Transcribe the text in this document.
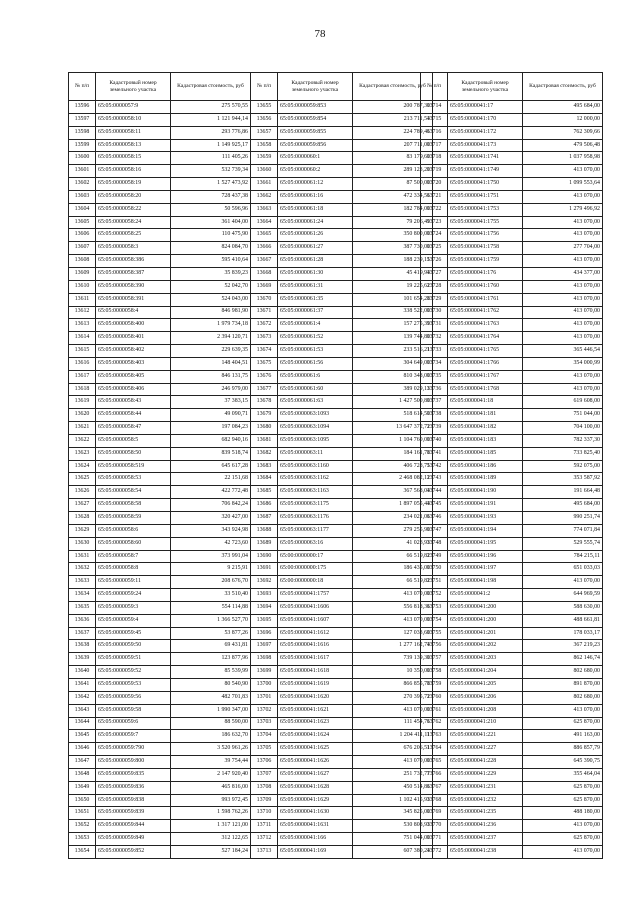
78
№ п/п	Кадастровый номер земельного участка	Кадастровая стоимость, руб
13596	65:05:0000057:9	275 570,55
13597	65:05:0000058:10	1 121 944,14
13598	65:05:0000058:11	293 776,86
13599	65:05:0000058:13	1 149 925,17
13600	65:05:0000058:15	111 405,26
13601	65:05:0000058:16	532 739,34
13602	65:05:0000058:19	1 527 473,92
13603	65:05:0000058:20	728 437,38
13604	65:05:0000058:22	50 596,96
13605	65:05:0000058:24	361 404,00
13606	65:05:0000058:25	110 475,90
13607	65:05:0000058:3	824 084,70
13608	65:05:0000058:386	595 410,64
13609	65:05:0000058:387	35 839,23
13610	65:05:0000058:390	52 042,70
13611	65:05:0000058:391	524 043,00
13612	65:05:0000058:4	846 981,90
13613	65:05:0000058:400	1 979 734,18
13614	65:05:0000058:401	2 394 120,71
13615	65:05:0000058:402	229 639,35
13616	65:05:0000058:403	148 404,51
13617	65:05:0000058:405	846 131,75
13618	65:05:0000058:406	246 979,00
13619	65:05:0000058:43	37 383,15
13620	65:05:0000058:44	49 090,71
13621	65:05:0000058:47	197 084,23
13622	65:05:0000058:5	682 940,16
13623	65:05:0000058:50	839 518,74
13624	65:05:0000058:519	645 617,28
13625	65:05:0000058:53	22 151,68
13626	65:05:0000058:54	422 772,48
13627	65:05:0000058:58	706 842,24
13628	65:05:0000058:59	320 427,00
13629	65:05:0000058:6	343 924,98
13630	65:05:0000058:60	42 723,60
13631	65:05:0000058:7	373 991,04
13632	65:05:0000058:8	9 215,91
13633	65:05:0000059:11	208 676,70
13634	65:05:0000059:24	33 510,40
13635	65:05:0000059:3	554 114,88
13636	65:05:0000059:4	1 366 527,70
13637	65:05:0000059:45	53 877,26
13638	65:05:0000059:50	69 431,81
13639	65:05:0000059:51	123 877,96
13640	65:05:0000059:52	85 539,99
13641	65:05:0000059:53	80 540,90
13642	65:05:0000059:56	482 701,83
13643	65:05:0000059:58	1 990 347,00
13644	65:05:0000059:6	88 590,00
13645	65:05:0000059:7	186 632,70
13646	65:05:0000059:790	3 520 961,26
13647	65:05:0000059:800	39 754,44
13648	65:05:0000059:835	2 147 920,40
13649	65:05:0000059:836	465 816,00
13650	65:05:0000059:838	993 972,45
13651	65:05:0000059:839	1 598 762,26
13652	65:05:0000059:844	1 317 121,00
13653	65:05:0000059:849	312 122,65
13654	65:05:0000059:852	527 184,24
№ п/п	Кадастровый номер земельного участка	Кадастровая стоимость, руб
13655	65:05:0000059:853	200 787,30
13656	65:05:0000059:854	213 711,54
13657	65:05:0000059:855	224 789,46
13658	65:05:0000059:856	207 711,00
13659	65:05:0000060:1	83 179,60
13660	65:05:0000060:2	289 123,20
13661	65:05:0000061:12	87 500,00
13662	65:05:0000061:16	472 334,56
13663	65:05:0000061:18	182 784,00
13664	65:05:0000061:24	79 206,49
13665	65:05:0000061:26	350 800,00
13666	65:05:0000061:27	387 730,00
13667	65:05:0000061:28	188 239,15
13668	65:05:0000061:30	45 419,94
13669	65:05:0000061:31	19 225,62
13670	65:05:0000061:35	101 654,28
13671	65:05:0000061:37	338 522,00
13672	65:05:0000061:4	157 275,39
13673	65:05:0000061:52	139 744,80
13674	65:05:0000061:53	233 516,21
13675	65:05:0000061:56	304 649,00
13676	65:05:0000061:6	810 348,00
13677	65:05:0000061:60	389 029,13
13678	65:05:0000061:63	1 427 500,80
13679	65:05:0000063:1093	518 614,50
13680	65:05:0000063:1094	13 647 372,72
13681	65:05:0000063:1095	1 104 760,00
13682	65:05:0000063:11	184 161,78
13683	65:05:0000063:1160	406 728,75
13684	65:05:0000063:1162	2 468 082,12
13685	65:05:0000063:1163	367 568,04
13686	65:05:0000063:1175	1 897 055,44
13687	65:05:0000063:1176	234 021,06
13688	65:05:0000063:1177	279 255,90
13689	65:05:0000063:16	41 023,93
13690	65:00:0000000:17	66 519,82
13691	65:00:0000000:175	186 435,00
13692	65:00:0000000:18	66 519,82
13693	65:05:0000041:1757	413 070,00
13694	65:05:0000041:1606	556 818,36
13695	65:05:0000041:1607	413 070,00
13696	65:05:0000041:1612	127 033,60
13697	65:05:0000041:1616	1 277 162,74
13698	65:05:0000041:1617	739 139,30
13699	65:05:0000041:1618	10 350,00
13700	65:05:0000041:1619	866 855,78
13701	65:05:0000041:1620	270 395,72
13702	65:05:0000041:1621	413 070,00
13703	65:05:0000041:1623	111 454,76
13704	65:05:0000041:1624	1 204 411,11
13705	65:05:0000041:1625	676 206,51
13706	65:05:0000041:1626	413 070,00
13707	65:05:0000041:1627	251 732,77
13708	65:05:0000041:1628	450 514,86
13709	65:05:0000041:1629	1 102 415,93
13710	65:05:0000041:1630	345 825,00
13711	65:05:0000041:1631	530 808,93
13712	65:05:0000041:166	751 044,00
13713	65:05:0000041:169	607 380,24
№ п/п	Кадастровый номер земельного участка	Кадастровая стоимость, руб
13714	65:05:0000041:17	495 684,00
13715	65:05:0000041:170	12 000,00
13716	65:05:0000041:172	762 309,66
13717	65:05:0000041:173	479 506,48
13718	65:05:0000041:1741	1 037 958,98
13719	65:05:0000041:1749	413 070,00
13720	65:05:0000041:1750	1 099 553,64
13721	65:05:0000041:1751	413 070,00
13722	65:05:0000041:1753	1 279 496,92
13723	65:05:0000041:1755	413 070,00
13724	65:05:0000041:1756	413 070,00
13725	65:05:0000041:1758	277 704,00
13726	65:05:0000041:1759	413 070,00
13727	65:05:0000041:176	434 377,00
13728	65:05:0000041:1760	413 070,00
13729	65:05:0000041:1761	413 070,00
13730	65:05:0000041:1762	413 070,00
13731	65:05:0000041:1763	413 070,00
13732	65:05:0000041:1764	413 070,00
13733	65:05:0000041:1765	365 446,54
13734	65:05:0000041:1766	354 000,99
13735	65:05:0000041:1767	413 070,00
13736	65:05:0000041:1768	413 070,00
13737	65:05:0000041:18	619 608,00
13738	65:05:0000041:181	751 044,00
13739	65:05:0000041:182	704 100,00
13740	65:05:0000041:183	782 337,30
13741	65:05:0000041:185	733 825,40
13742	65:05:0000041:186	592 075,00
13743	65:05:0000041:189	353 587,92
13744	65:05:0000041:190	191 664,48
13745	65:05:0000041:191	495 684,00
13746	65:05:0000041:193	990 251,74
13747	65:05:0000041:194	774 071,84
13748	65:05:0000041:195	529 555,74
13749	65:05:0000041:196	784 215,11
13750	65:05:0000041:197	651 033,03
13751	65:05:0000041:198	413 070,00
13752	65:05:0000041:2	644 969,59
13753	65:05:0000041:200	588 630,00
13754	65:05:0000041:200	488 661,81
13755	65:05:0000041:201	178 033,17
13756	65:05:0000041:202	367 219,23
13757	65:05:0000041:203	862 146,74
13758	65:05:0000041:204	802 680,00
13759	65:05:0000041:205	891 870,00
13760	65:05:0000041:206	802 680,00
13761	65:05:0000041:208	413 070,00
13762	65:05:0000041:210	625 870,00
13763	65:05:0000041:221	491 163,00
13764	65:05:0000041:227	886 857,79
13765	65:05:0000041:228	645 390,75
13766	65:05:0000041:229	355 464,04
13767	65:05:0000041:231	625 870,00
13768	65:05:0000041:232	625 870,00
13769	65:05:0000041:235	488 180,00
13770	65:05:0000041:236	413 070,00
13771	65:05:0000041:237	625 870,00
13772	65:05:0000041:238	413 070,00
